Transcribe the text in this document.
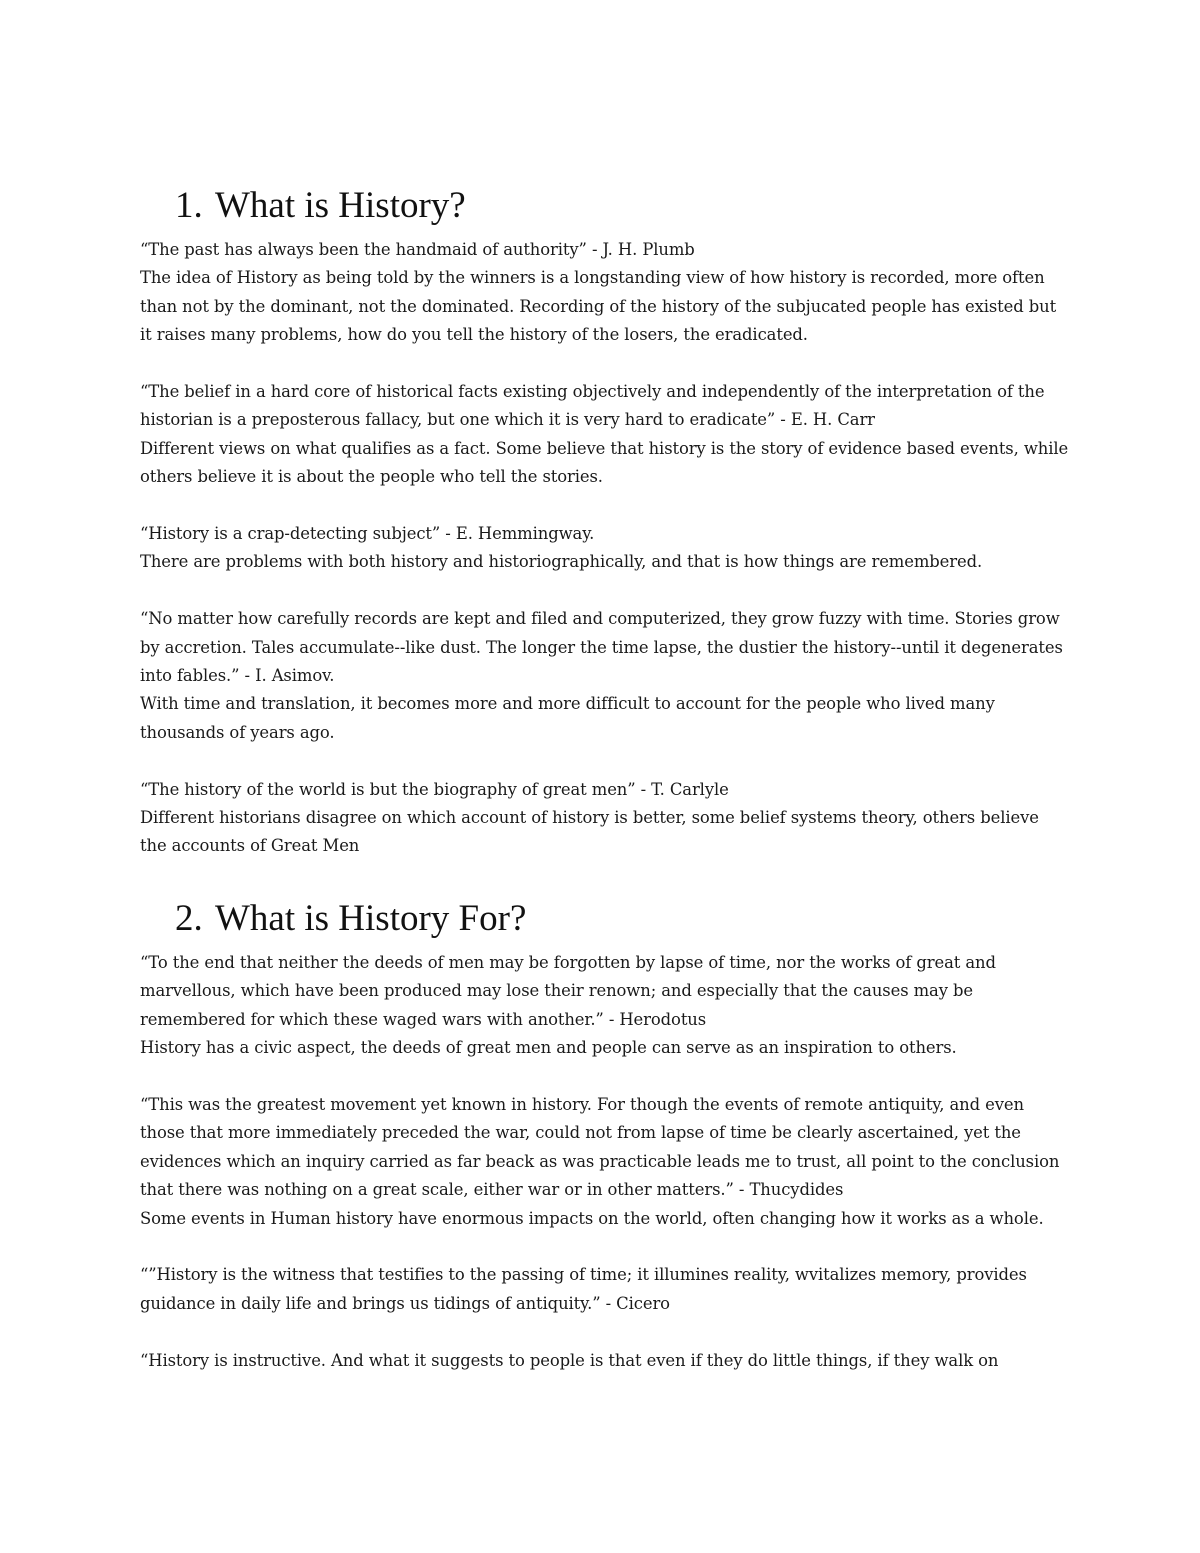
1. What is History?

“The past has always been the handmaid of authority” - J. H. Plumb

The idea of History as being told by the winners is a longstanding view of how history is recorded, more often than not by the dominant, not the dominated. Recording of the history of the subjucated people has existed but it raises many problems, how do you tell the history of the losers, the eradicated.

“The belief in a hard core of historical facts existing objectively and independently of the interpretation of the historian is a preposterous fallacy, but one which it is very hard to eradicate” - E. H. Carr

Different views on what qualifies as a fact. Some believe that history is the story of evidence based events, while others believe it is about the people who tell the stories.

“History is a crap-detecting subject” - E. Hemmingway.

There are problems with both history and historiographically, and that is how things are remembered.

“No matter how carefully records are kept and filed and computerized, they grow fuzzy with time. Stories grow by accretion. Tales accumulate--like dust. The longer the time lapse, the dustier the history--until it degenerates into fables.” - I. Asimov.

With time and translation, it becomes more and more difficult to account for the people who lived many thousands of years ago.

“The history of the world is but the biography of great men” - T. Carlyle

Different historians disagree on which account of history is better, some belief systems theory, others believe the accounts of Great Men

2. What is History For?

“To the end that neither the deeds of men may be forgotten by lapse of time, nor the works of great and marvellous, which have been produced may lose their renown; and especially that the causes may be remembered for which these waged wars with another.” - Herodotus

History has a civic aspect, the deeds of great men and people can serve as an inspiration to others.

“This was the greatest movement yet known in history. For though the events of remote antiquity, and even those that more immediately preceded the war, could not from lapse of time be clearly ascertained, yet the evidences which an inquiry carried as far beack as was practicable leads me to trust, all point to the conclusion that there was nothing on a great scale, either war or in other matters.” - Thucydides

Some events in Human history have enormous impacts on the world, often changing how it works as a whole.

“”History is the witness that testifies to the passing of time; it illumines reality, wvitalizes memory, provides guidance in daily life and brings us tidings of antiquity.” - Cicero

“History is instructive. And what it suggests to people is that even if they do little things, if they walk on
